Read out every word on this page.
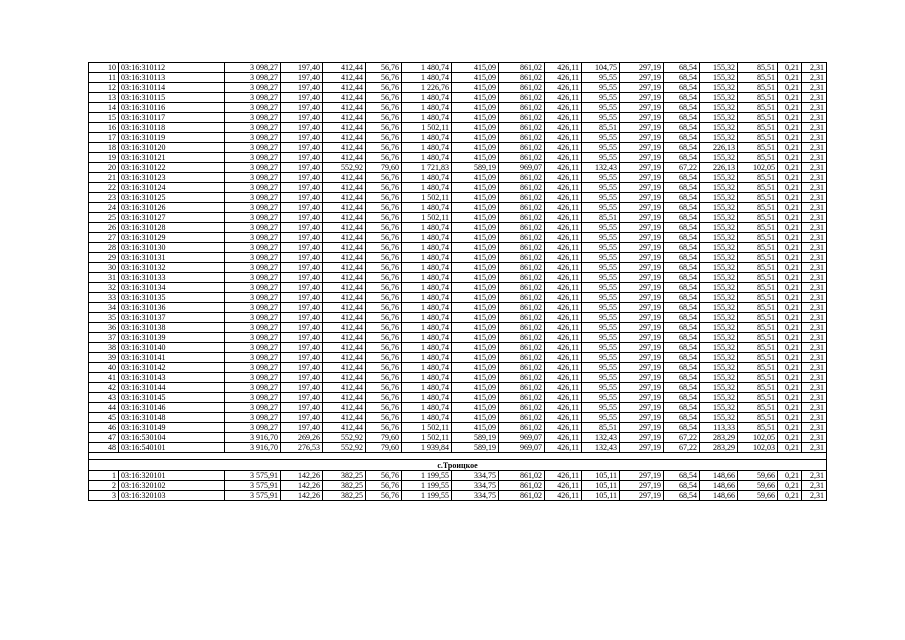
10	03:16:310112	3 098,27	197,40	412,44	56,76	1 480,74	415,09	861,02	426,11	104,75	297,19	68,54	155,32	85,51	0,21	2,31
11	03:16:310113	3 098,27	197,40	412,44	56,76	1 480,74	415,09	861,02	426,11	95,55	297,19	68,54	155,32	85,51	0,21	2,31
12	03:16:310114	3 098,27	197,40	412,44	56,76	1 226,76	415,09	861,02	426,11	95,55	297,19	68,54	155,32	85,51	0,21	2,31
13	03:16:310115	3 098,27	197,40	412,44	56,76	1 480,74	415,09	861,02	426,11	95,55	297,19	68,54	155,32	85,51	0,21	2,31
14	03:16:310116	3 098,27	197,40	412,44	56,76	1 480,74	415,09	861,02	426,11	95,55	297,19	68,54	155,32	85,51	0,21	2,31
15	03:16:310117	3 098,27	197,40	412,44	56,76	1 480,74	415,09	861,02	426,11	95,55	297,19	68,54	155,32	85,51	0,21	2,31
16	03:16:310118	3 098,27	197,40	412,44	56,76	1 502,11	415,09	861,02	426,11	85,51	297,19	68,54	155,32	85,51	0,21	2,31
17	03:16:310119	3 098,27	197,40	412,44	56,76	1 480,74	415,09	861,02	426,11	95,55	297,19	68,54	155,32	85,51	0,21	2,31
18	03:16:310120	3 098,27	197,40	412,44	56,76	1 480,74	415,09	861,02	426,11	95,55	297,19	68,54	226,13	85,51	0,21	2,31
19	03:16:310121	3 098,27	197,40	412,44	56,76	1 480,74	415,09	861,02	426,11	95,55	297,19	68,54	155,32	85,51	0,21	2,31
20	03:16:310122	3 098,27	197,40	552,92	79,60	1 721,83	589,19	969,07	426,11	132,43	297,19	67,22	226,13	102,05	0,21	2,31
21	03:16:310123	3 098,27	197,40	412,44	56,76	1 480,74	415,09	861,02	426,11	95,55	297,19	68,54	155,32	85,51	0,21	2,31
22	03:16:310124	3 098,27	197,40	412,44	56,76	1 480,74	415,09	861,02	426,11	95,55	297,19	68,54	155,32	85,51	0,21	2,31
23	03:16:310125	3 098,27	197,40	412,44	56,76	1 502,11	415,09	861,02	426,11	95,55	297,19	68,54	155,32	85,51	0,21	2,31
24	03:16:310126	3 098,27	197,40	412,44	56,76	1 480,74	415,09	861,02	426,11	95,55	297,19	68,54	155,32	85,51	0,21	2,31
25	03:16:310127	3 098,27	197,40	412,44	56,76	1 502,11	415,09	861,02	426,11	85,51	297,19	68,54	155,32	85,51	0,21	2,31
26	03:16:310128	3 098,27	197,40	412,44	56,76	1 480,74	415,09	861,02	426,11	95,55	297,19	68,54	155,32	85,51	0,21	2,31
27	03:16:310129	3 098,27	197,40	412,44	56,76	1 480,74	415,09	861,02	426,11	95,55	297,19	68,54	155,32	85,51	0,21	2,31
28	03:16:310130	3 098,27	197,40	412,44	56,76	1 480,74	415,09	861,02	426,11	95,55	297,19	68,54	155,32	85,51	0,21	2,31
29	03:16:310131	3 098,27	197,40	412,44	56,76	1 480,74	415,09	861,02	426,11	95,55	297,19	68,54	155,32	85,51	0,21	2,31
30	03:16:310132	3 098,27	197,40	412,44	56,76	1 480,74	415,09	861,02	426,11	95,55	297,19	68,54	155,32	85,51	0,21	2,31
31	03:16:310133	3 098,27	197,40	412,44	56,76	1 480,74	415,09	861,02	426,11	95,55	297,19	68,54	155,32	85,51	0,21	2,31
32	03:16:310134	3 098,27	197,40	412,44	56,76	1 480,74	415,09	861,02	426,11	95,55	297,19	68,54	155,32	85,51	0,21	2,31
33	03:16:310135	3 098,27	197,40	412,44	56,76	1 480,74	415,09	861,02	426,11	95,55	297,19	68,54	155,32	85,51	0,21	2,31
34	03:16:310136	3 098,27	197,40	412,44	56,76	1 480,74	415,09	861,02	426,11	95,55	297,19	68,54	155,32	85,51	0,21	2,31
35	03:16:310137	3 098,27	197,40	412,44	56,76	1 480,74	415,09	861,02	426,11	95,55	297,19	68,54	155,32	85,51	0,21	2,31
36	03:16:310138	3 098,27	197,40	412,44	56,76	1 480,74	415,09	861,02	426,11	95,55	297,19	68,54	155,32	85,51	0,21	2,31
37	03:16:310139	3 098,27	197,40	412,44	56,76	1 480,74	415,09	861,02	426,11	95,55	297,19	68,54	155,32	85,51	0,21	2,31
38	03:16:310140	3 098,27	197,40	412,44	56,76	1 480,74	415,09	861,02	426,11	95,55	297,19	68,54	155,32	85,51	0,21	2,31
39	03:16:310141	3 098,27	197,40	412,44	56,76	1 480,74	415,09	861,02	426,11	95,55	297,19	68,54	155,32	85,51	0,21	2,31
40	03:16:310142	3 098,27	197,40	412,44	56,76	1 480,74	415,09	861,02	426,11	95,55	297,19	68,54	155,32	85,51	0,21	2,31
41	03:16:310143	3 098,27	197,40	412,44	56,76	1 480,74	415,09	861,02	426,11	95,55	297,19	68,54	155,32	85,51	0,21	2,31
42	03:16:310144	3 098,27	197,40	412,44	56,76	1 480,74	415,09	861,02	426,11	95,55	297,19	68,54	155,32	85,51	0,21	2,31
43	03:16:310145	3 098,27	197,40	412,44	56,76	1 480,74	415,09	861,02	426,11	95,55	297,19	68,54	155,32	85,51	0,21	2,31
44	03:16:310146	3 098,27	197,40	412,44	56,76	1 480,74	415,09	861,02	426,11	95,55	297,19	68,54	155,32	85,51	0,21	2,31
45	03:16:310148	3 098,27	197,40	412,44	56,76	1 480,74	415,09	861,02	426,11	95,55	297,19	68,54	155,32	85,51	0,21	2,31
46	03:16:310149	3 098,27	197,40	412,44	56,76	1 502,11	415,09	861,02	426,11	85,51	297,19	68,54	113,33	85,51	0,21	2,31
47	03:16:530104	3 916,70	269,26	552,92	79,60	1 502,11	589,19	969,07	426,11	132,43	297,19	67,22	283,29	102,05	0,21	2,31
48	03:16:540101	3 916,70	276,53	552,92	79,60	1 939,84	589,19	969,07	426,11	132,43	297,19	67,22	283,29	102,03	0,21	2,31

с.Троицкое																
1	03:16:320101	3 575,91	142,26	382,25	56,76	1 199,55	334,75	861,02	426,11	105,11	297,19	68,54	148,66	59,66	0,21	2,31
2	03:16:320102	3 575,91	142,26	382,25	56,76	1 199,55	334,75	861,02	426,11	105,11	297,19	68,54	148,66	59,66	0,21	2,31
3	03:16:320103	3 575,91	142,26	382,25	56,76	1 199,55	334,75	861,02	426,11	105,11	297,19	68,54	148,66	59,66	0,21	2,31
